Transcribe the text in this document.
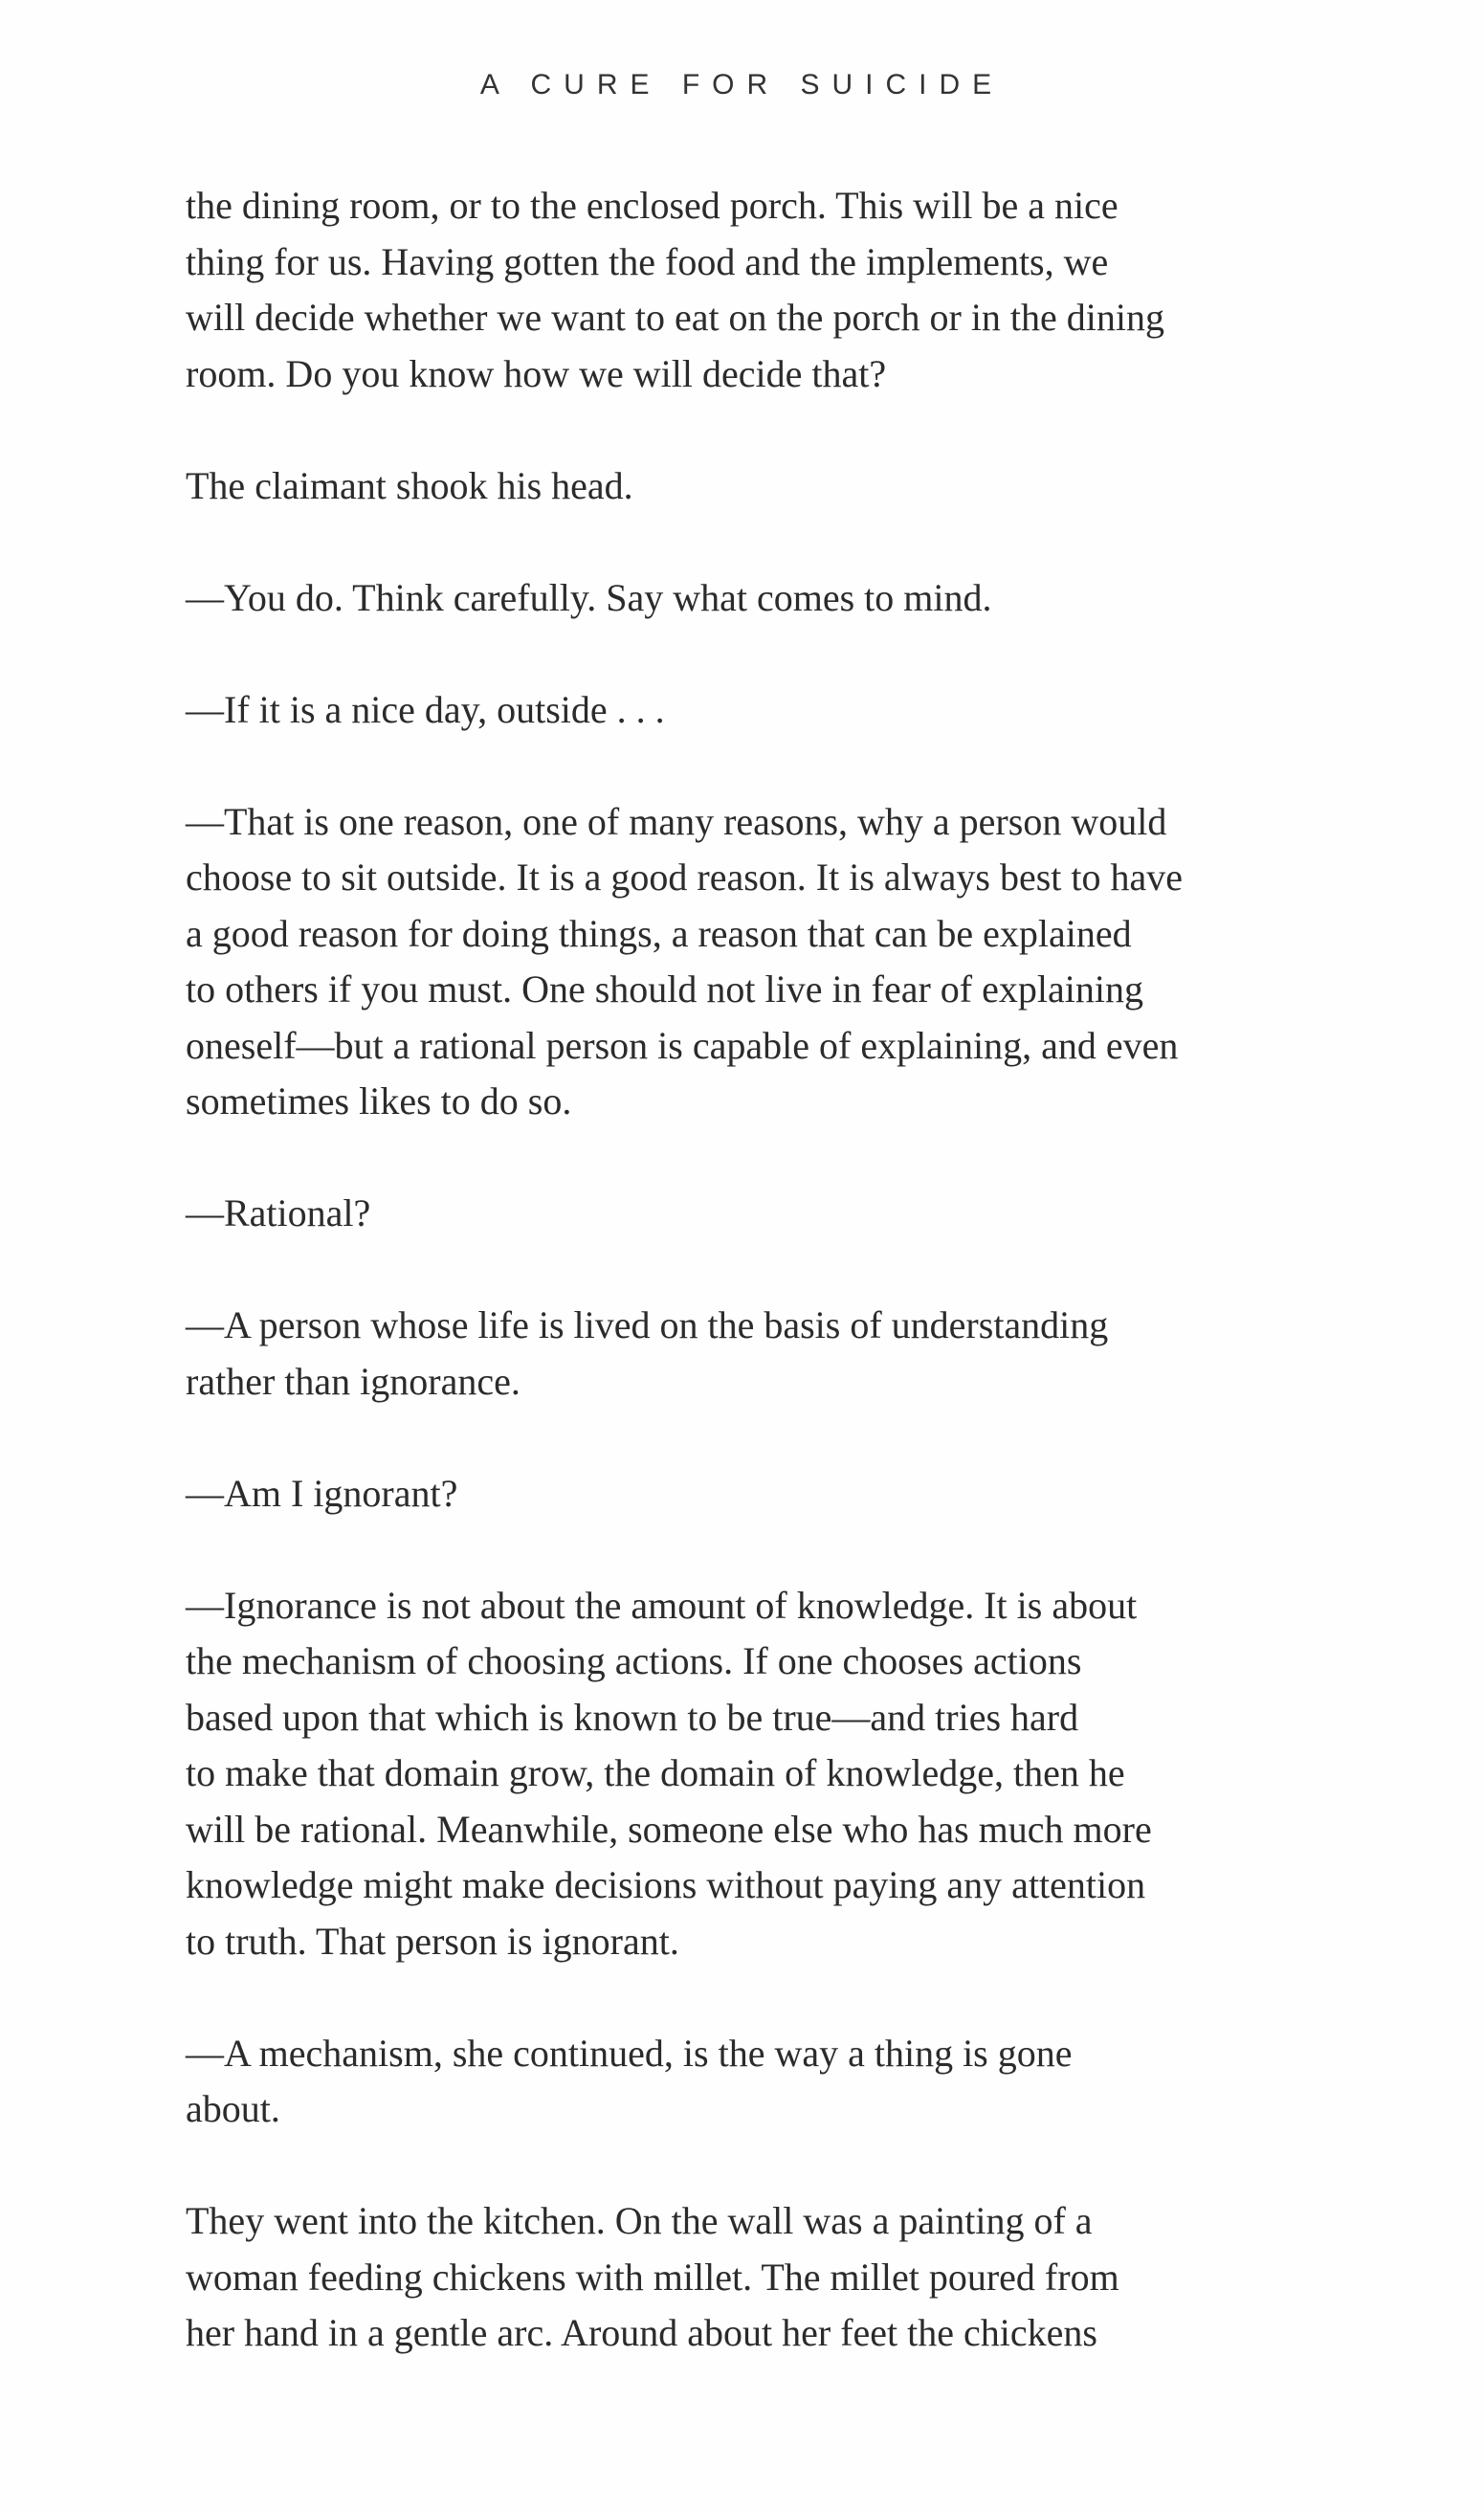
A CURE FOR SUICIDE
the dining room, or to the enclosed porch. This will be a nice
thing for us. Having gotten the food and the implements, we
will decide whether we want to eat on the porch or in the dining
room. Do you know how we will decide that?
The claimant shook his head.
—You do. Think carefully. Say what comes to mind.
—If it is a nice day, outside . . .
—That is one reason, one of many reasons, why a person would
choose to sit outside. It is a good reason. It is always best to have
a good reason for doing things, a reason that can be explained
to others if you must. One should not live in fear of explaining
oneself—but a rational person is capable of explaining, and even
sometimes likes to do so.
—Rational?
—A person whose life is lived on the basis of understanding
rather than ignorance.
—Am I ignorant?
—Ignorance is not about the amount of knowledge. It is about
the mechanism of choosing actions. If one chooses actions
based upon that which is known to be true—and tries hard
to make that domain grow, the domain of knowledge, then he
will be rational. Meanwhile, someone else who has much more
knowledge might make decisions without paying any attention
to truth. That person is ignorant.
—A mechanism, she continued, is the way a thing is gone
about.
They went into the kitchen. On the wall was a painting of a
woman feeding chickens with millet. The millet poured from
her hand in a gentle arc. Around about her feet the chickens
